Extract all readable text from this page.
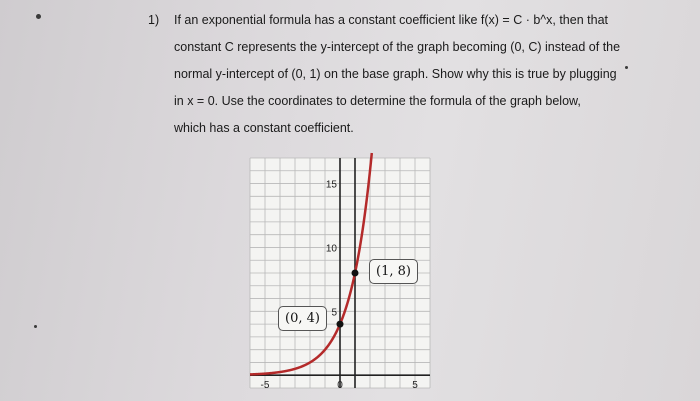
1) If an exponential formula has a constant coefficient like f(x) = C · b^x, then that
constant C represents the y-intercept of the graph becoming (0, C) instead of the
normal y-intercept of (0, 1) on the base graph. Show why this is true by plugging
in x = 0. Use the coordinates to determine the formula of the graph below,
which has a constant coefficient.
-5	0	5
5
10
15
(0, 4)
(1, 8)
